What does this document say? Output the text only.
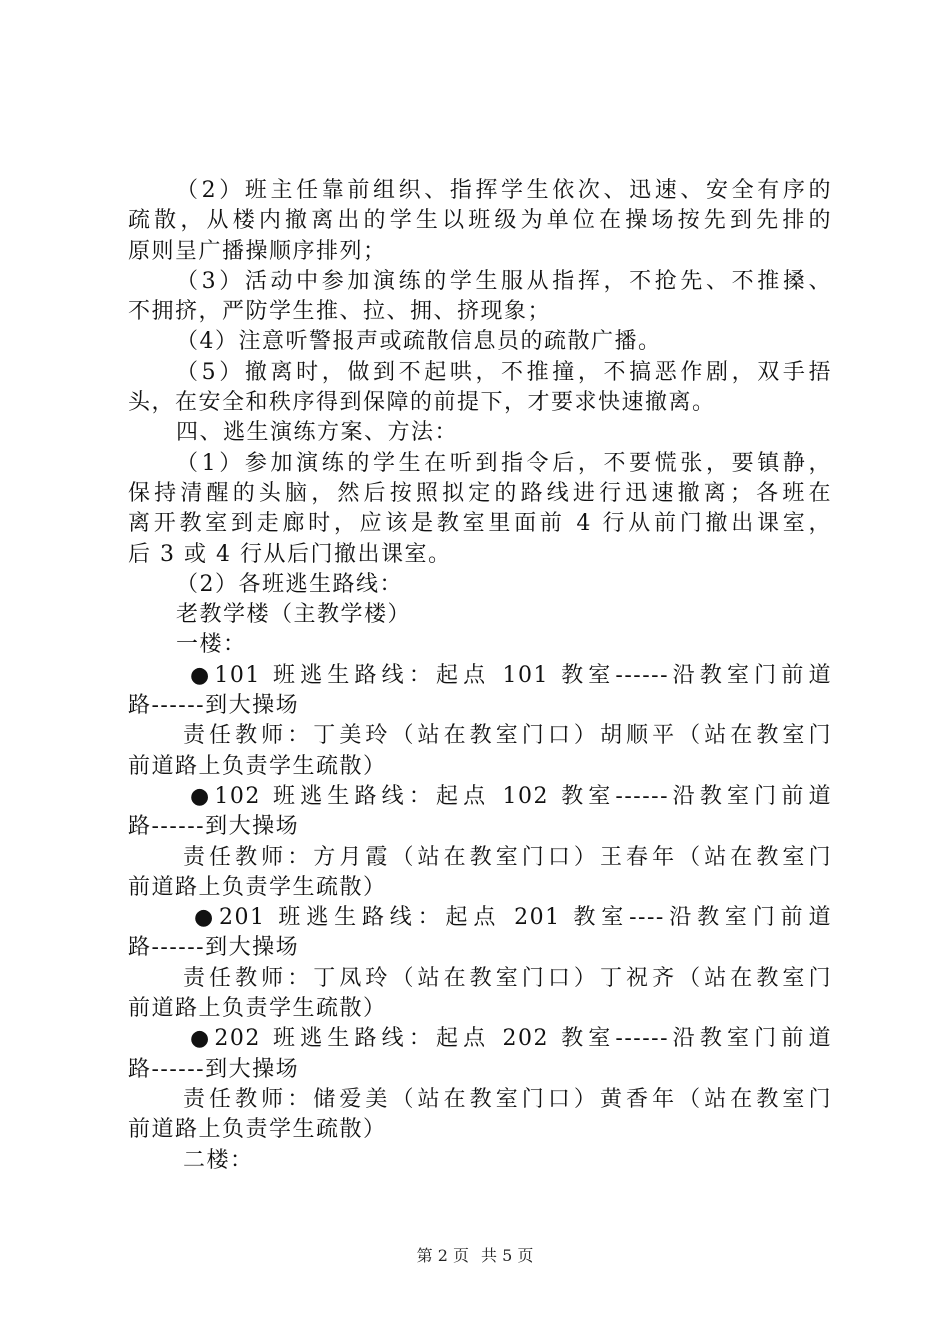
（2）班主任靠前组织、指挥学生依次、迅速、安全有序的
疏散，从楼内撤离出的学生以班级为单位在操场按先到先排的
原则呈广播操顺序排列；
（3）活动中参加演练的学生服从指挥，不抢先、不推搡、
不拥挤，严防学生推、拉、拥、挤现象；
（4）注意听警报声或疏散信息员的疏散广播。
（5）撤离时，做到不起哄，不推撞，不搞恶作剧，双手捂
头，在安全和秩序得到保障的前提下，才要求快速撤离。
四、逃生演练方案、方法：
（1）参加演练的学生在听到指令后，不要慌张，要镇静，
保持清醒的头脑，然后按照拟定的路线进行迅速撤离；各班在
离开教室到走廊时，应该是教室里面前 4 行从前门撤出课室，
后 3 或 4 行从后门撤出课室。
（2）各班逃生路线：
老教学楼（主教学楼）
一楼：
●101 班逃生路线：起点 101 教室------沿教室门前道
路------到大操场
责任教师：丁美玲（站在教室门口）胡顺平（站在教室门
前道路上负责学生疏散）
●102 班逃生路线：起点 102 教室------沿教室门前道
路------到大操场
责任教师：方月霞（站在教室门口）王春年（站在教室门
前道路上负责学生疏散）
●201 班逃生路线：起点 201 教室----沿教室门前道
路------到大操场
责任教师：丁凤玲（站在教室门口）丁祝齐（站在教室门
前道路上负责学生疏散）
●202 班逃生路线：起点 202 教室------沿教室门前道
路------到大操场
责任教师：储爱美（站在教室门口）黄香年（站在教室门
前道路上负责学生疏散）
二楼：
第 2 页 共 5 页
